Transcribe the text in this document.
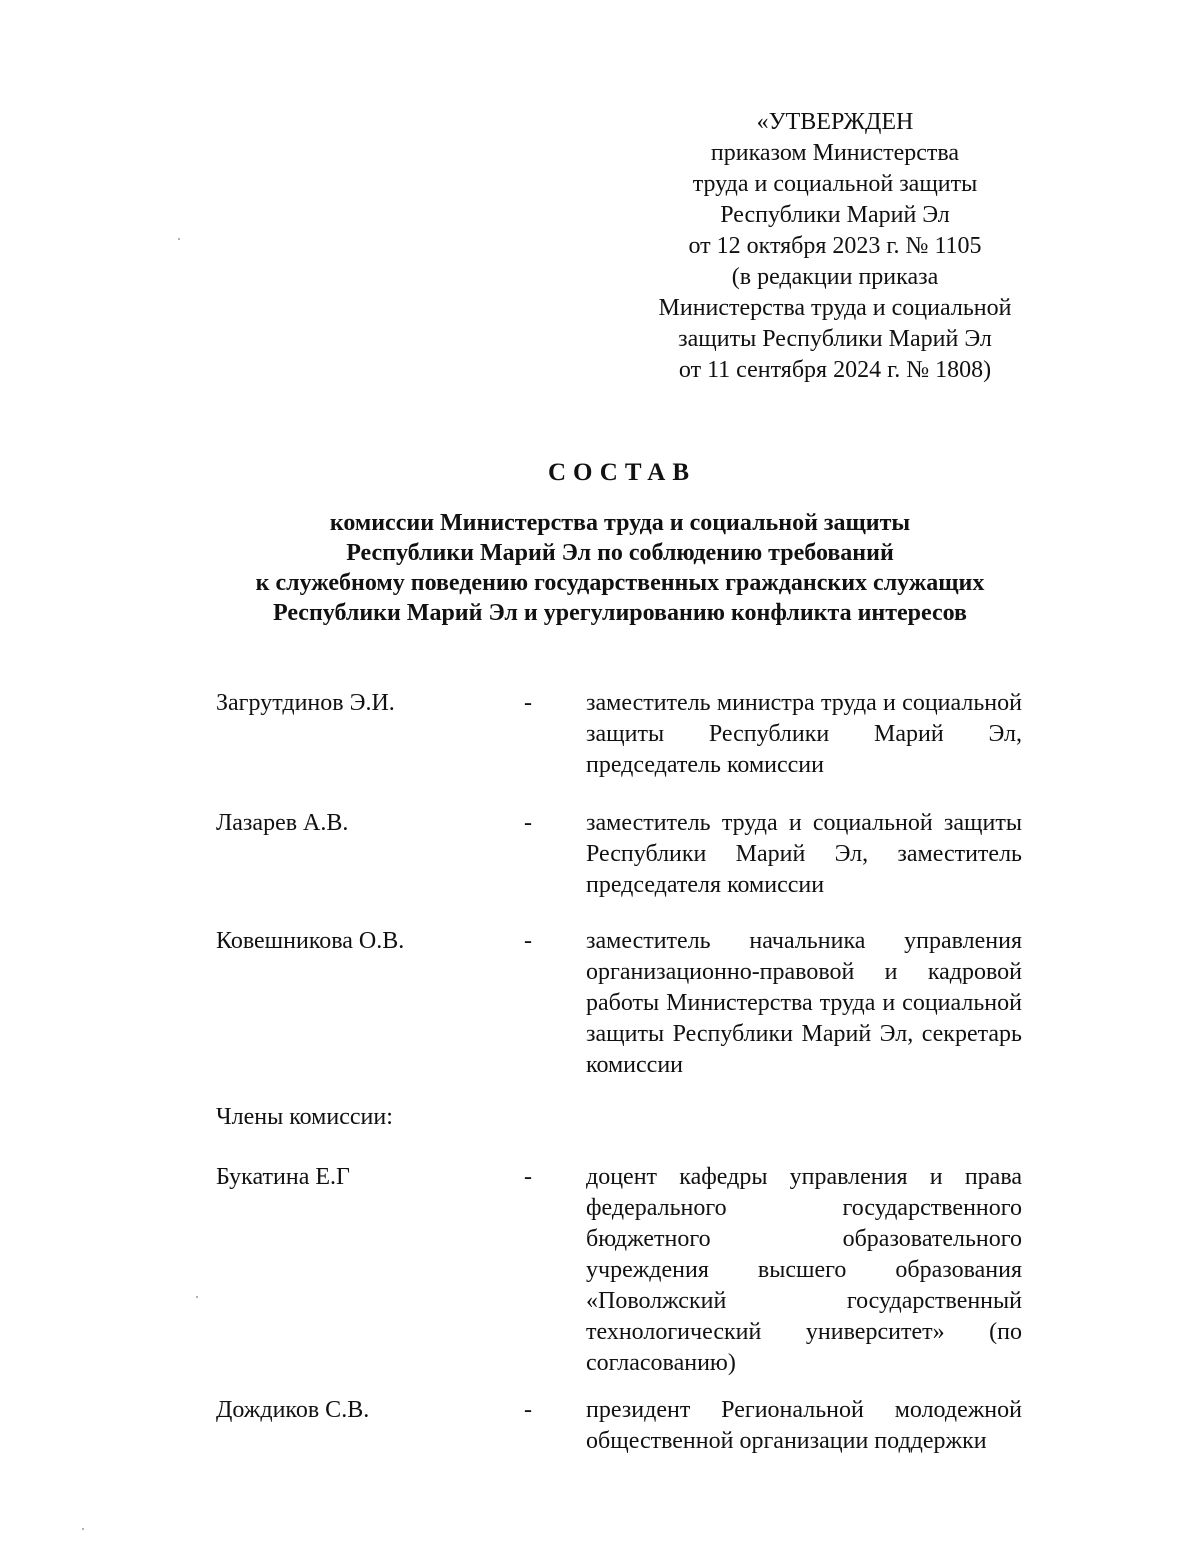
«УТВЕРЖДЕН
приказом Министерства
труда и социальной защиты
Республики Марий Эл
от 12 октября 2023 г. № 1105
(в редакции приказа
Министерства труда и социальной
защиты Республики Марий Эл
от 11 сентября 2024 г. № 1808)
СОСТАВ
комиссии Министерства труда и социальной защиты
Республики Марий Эл по соблюдению требований
к служебному поведению государственных гражданских служащих
Республики Марий Эл и урегулированию конфликта интересов
Загрутдинов Э.И.	- заместитель министра труда и социальной защиты Республики Марий Эл, председатель комиссии
Лазарев А.В.	- заместитель труда и социальной защиты Республики Марий Эл, заместитель председателя комиссии
Ковешникова О.В.	- заместитель начальника управления организационно-правовой и кадровой работы Министерства труда и социальной защиты Республики Марий Эл, секретарь комиссии
Члены комиссии:
Букатина Е.Г	- доцент кафедры управления и права федерального государственного бюджетного образовательного учреждения высшего образования «Поволжский государственный технологический университет» (по согласованию)
Дождиков С.В.	- президент Региональной молодежной общественной организации поддержки
